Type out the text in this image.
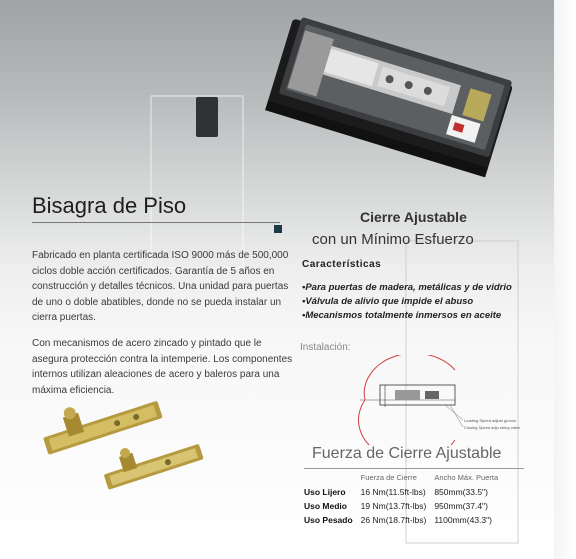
Bisagra de Piso	Cierre Ajustable
con un Mínimo Esfuerzo
Fabricado en planta certificada ISO 9000 más de 500,000 ciclos doble acción certificados. Garantía de 5 años en construcción y detalles técnicos. Una unidad para puertas de uno o doble abatibles, donde no se pueda instalar un cierra puertas.
Con mecanismos de acero zincado y pintado que le asegura protección contra la intemperie. Los componentes internos utilizan aleaciones de acero y baleros para una máxima eficiencia.
Características
•Para puertas de madera, metálicas y de vidrio
•Válvula de alivio que impide el abuso
•Mecanismos totalmente inmersos en aceite
Instalación:
Loading Speed adjust groove
Closing Speed adju string valve
Fuerza de Cierre Ajustable
	Fuerza de Cierre	Ancho Máx. Puerta
Uso Lijero	16 Nm(11.5ft-lbs)	850mm(33.5")
Uso Medio	19 Nm(13.7ft-lbs)	950mm(37.4")
Uso Pesado	26 Nm(18.7ft-lbs)	1100mm(43.3")
